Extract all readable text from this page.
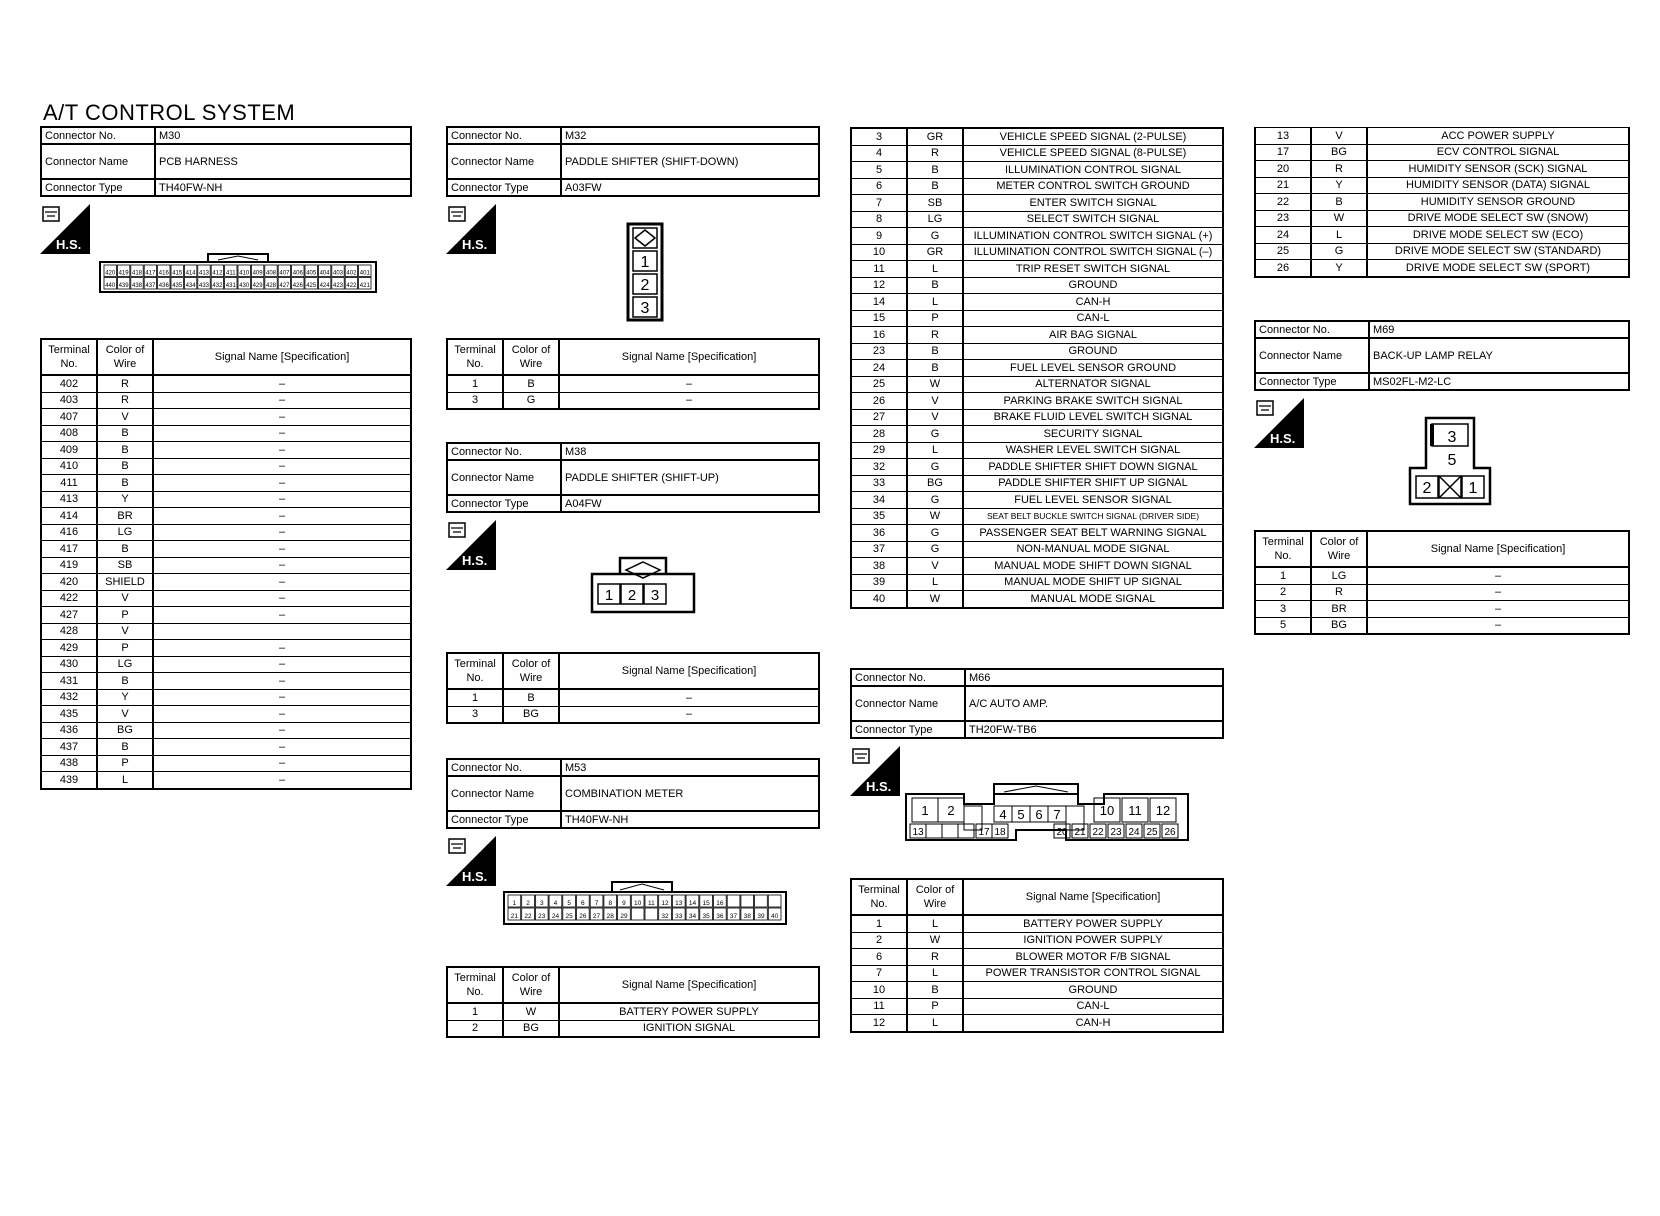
A/T CONTROL SYSTEM
Connector No.	M30
Connector Name	PCB HARNESS
Connector Type	TH40FW-NH
H.S.
420 419 418 417 416 415 414 413 412 411 410 409 408 407 406 405 404 403 402 401
440 439 438 437 436 435 434 433 432 431 430 429 428 427 426 425 424 423 422 421
Terminal No.	Color of Wire	Signal Name [Specification]
402	R	–
403	R	–
407	V	–
408	B	–
409	B	–
410	B	–
411	B	–
413	Y	–
414	BR	–
416	LG	–
417	B	–
419	SB	–
420	SHIELD	–
422	V	–
427	P	–
428	V	
429	P	–
430	LG	–
431	B	–
432	Y	–
435	V	–
436	BG	–
437	B	–
438	P	–
439	L	–
Connector No.	M32
Connector Name	PADDLE SHIFTER (SHIFT-DOWN)
Connector Type	A03FW
H.S.
1
2
3
Terminal No.	Color of Wire	Signal Name [Specification]
1	B	–
3	G	–
Connector No.	M38
Connector Name	PADDLE SHIFTER (SHIFT-UP)
Connector Type	A04FW
H.S.
1 2 3
Terminal No.	Color of Wire	Signal Name [Specification]
1	B	–
3	BG	–
Connector No.	M53
Connector Name	COMBINATION METER
Connector Type	TH40FW-NH
H.S.
1 2 3 4 5 6 7 8 9 10 11 12 13 14 15 16
21 22 23 24 25 26 27 28 29	32 33 34 35 36 37 38 39 40
Terminal No.	Color of Wire	Signal Name [Specification]
1	W	BATTERY POWER SUPPLY
2	BG	IGNITION SIGNAL
3	GR	VEHICLE SPEED SIGNAL (2-PULSE)
4	R	VEHICLE SPEED SIGNAL (8-PULSE)
5	B	ILLUMINATION CONTROL SIGNAL
6	B	METER CONTROL SWITCH GROUND
7	SB	ENTER SWITCH SIGNAL
8	LG	SELECT SWITCH SIGNAL
9	G	ILLUMINATION CONTROL SWITCH SIGNAL (+)
10	GR	ILLUMINATION CONTROL SWITCH SIGNAL (–)
11	L	TRIP RESET SWITCH SIGNAL
12	B	GROUND
14	L	CAN-H
15	P	CAN-L
16	R	AIR BAG SIGNAL
23	B	GROUND
24	B	FUEL LEVEL SENSOR GROUND
25	W	ALTERNATOR SIGNAL
26	V	PARKING BRAKE SWITCH SIGNAL
27	V	BRAKE FLUID LEVEL SWITCH SIGNAL
28	G	SECURITY SIGNAL
29	L	WASHER LEVEL SWITCH SIGNAL
32	G	PADDLE SHIFTER SHIFT DOWN SIGNAL
33	BG	PADDLE SHIFTER SHIFT UP SIGNAL
34	G	FUEL LEVEL SENSOR SIGNAL
35	W	SEAT BELT BUCKLE SWITCH SIGNAL (DRIVER SIDE)
36	G	PASSENGER SEAT BELT WARNING SIGNAL
37	G	NON-MANUAL MODE SIGNAL
38	V	MANUAL MODE SHIFT DOWN SIGNAL
39	L	MANUAL MODE SHIFT UP SIGNAL
40	W	MANUAL MODE SIGNAL
Connector No.	M66
Connector Name	A/C AUTO AMP.
Connector Type	TH20FW-TB6
H.S.
1 2	4 5 6 7	10 11 12
13	17 18	20 21 22 23 24 25 26
Terminal No.	Color of Wire	Signal Name [Specification]
1	L	BATTERY POWER SUPPLY
2	W	IGNITION POWER SUPPLY
6	R	BLOWER MOTOR F/B SIGNAL
7	L	POWER TRANSISTOR CONTROL SIGNAL
10	B	GROUND
11	P	CAN-L
12	L	CAN-H
13	V	ACC POWER SUPPLY
17	BG	ECV CONTROL SIGNAL
20	R	HUMIDITY SENSOR (SCK) SIGNAL
21	Y	HUMIDITY SENSOR (DATA) SIGNAL
22	B	HUMIDITY SENSOR GROUND
23	W	DRIVE MODE SELECT SW (SNOW)
24	L	DRIVE MODE SELECT SW (ECO)
25	G	DRIVE MODE SELECT SW (STANDARD)
26	Y	DRIVE MODE SELECT SW (SPORT)
Connector No.	M69
Connector Name	BACK-UP LAMP RELAY
Connector Type	MS02FL-M2-LC
H.S.	3
5
2 1
Terminal No.	Color of Wire	Signal Name [Specification]
1	LG	–
2	R	–
3	BR	–
5	BG	–
